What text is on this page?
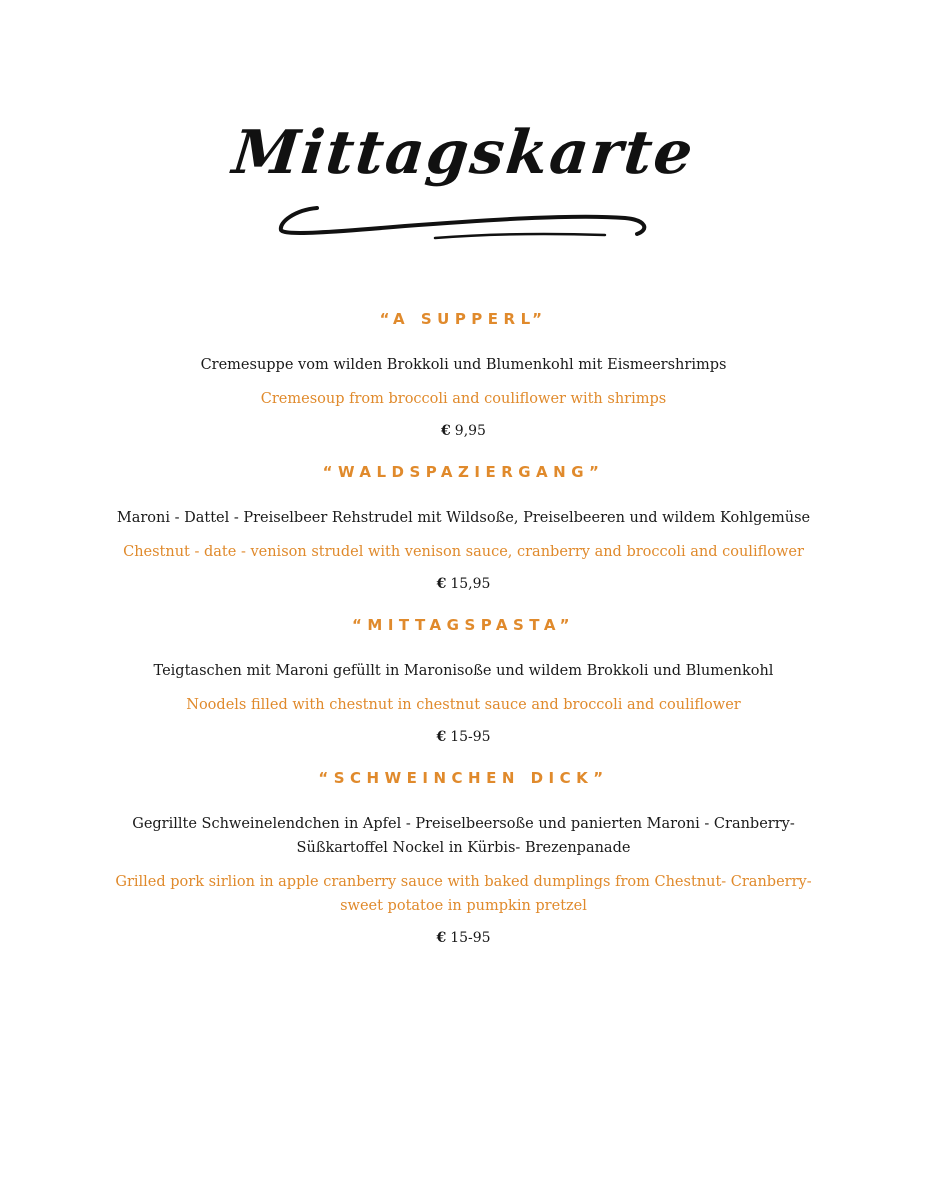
Mittagskarte
“A SUPPERL”
Cremesuppe vom wilden Brokkoli und Blumenkohl mit Eismeershrimps
Cremesoup from broccoli and couliflower with shrimps
€ 9,95
“WALDSPAZIERGANG”
Maroni - Dattel - Preiselbeer Rehstrudel mit Wildsoße, Preiselbeeren und wildem Kohlgemüse
Chestnut - date - venison strudel with venison sauce, cranberry and broccoli and couliflower
€ 15,95
“MITTAGSPASTA”
Teigtaschen mit Maroni gefüllt in Maronisoße und wildem Brokkoli und Blumenkohl
Noodels filled with chestnut in chestnut sauce and broccoli and couliflower
€ 15-95
“SCHWEINCHEN DICK”
Gegrillte Schweinelendchen in Apfel - Preiselbeersoße und panierten Maroni - Cranberry-Süßkartoffel Nockel in Kürbis- Brezenpanade
Grilled pork sirlion in apple cranberry sauce with baked dumplings from Chestnut- Cranberry-sweet potatoe in pumpkin pretzel
€ 15-95
